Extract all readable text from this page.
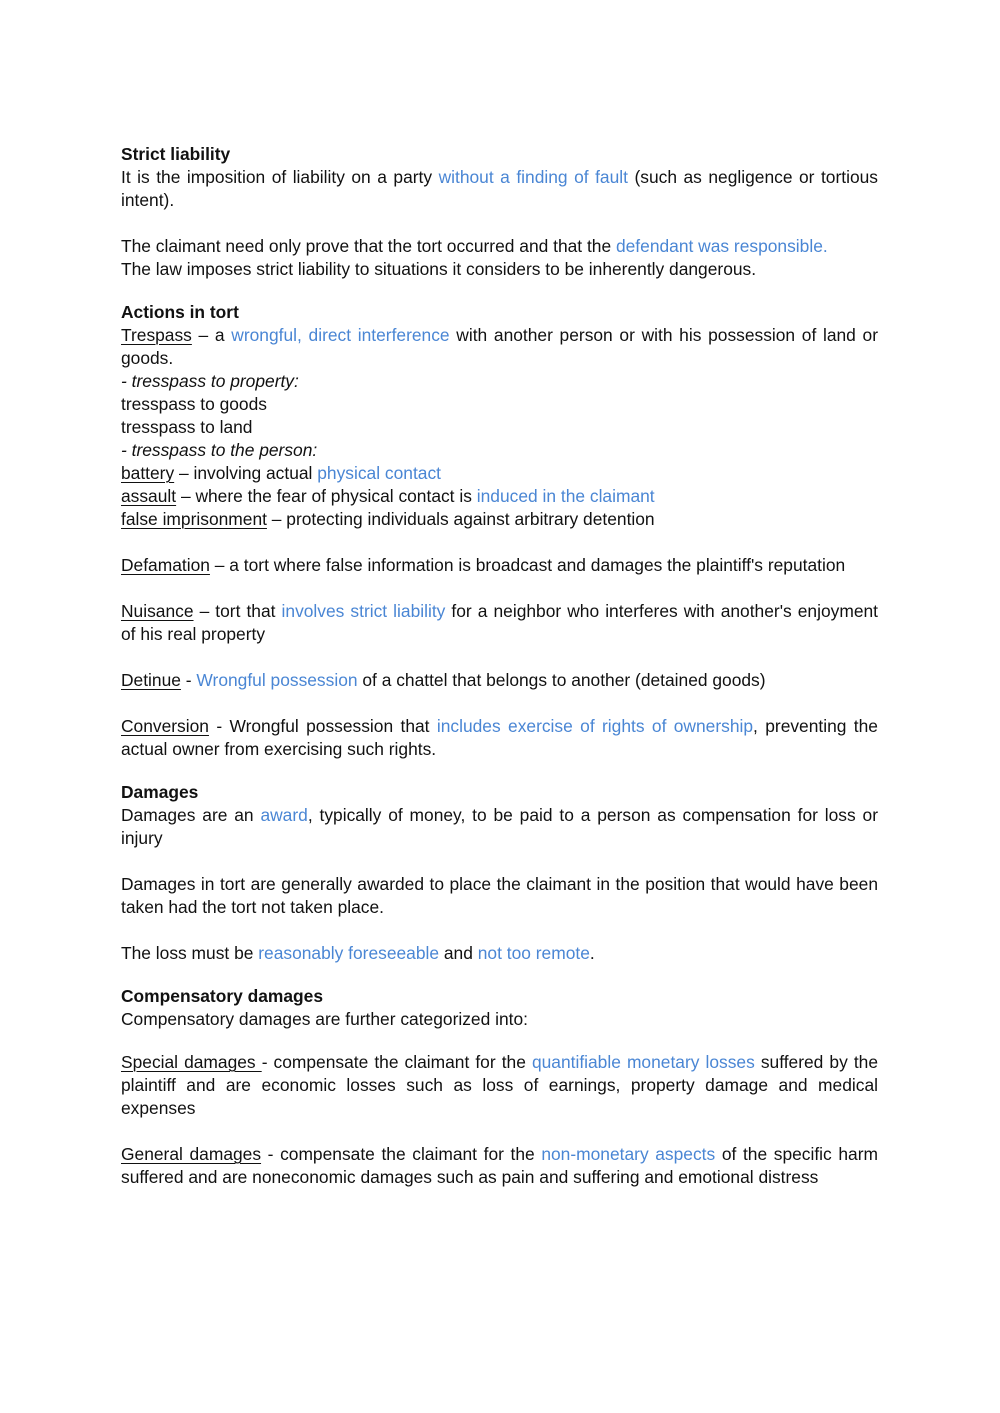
Strict liability

It is the imposition of liability on a party without a finding of fault (such as negligence or tortious intent).

The claimant need only prove that the tort occurred and that the defendant was responsible.

The law imposes strict liability to situations it considers to be inherently dangerous.

Actions in tort

Trespass – a wrongful, direct interference with another person or with his possession of land or goods.

- tresspass to property:

tresspass to goods

tresspass to land

- tresspass to the person:

battery – involving actual physical contact

assault – where the fear of physical contact is induced in the claimant

false imprisonment – protecting individuals against arbitrary detention

Defamation – a tort where false information is broadcast and damages the plaintiff's reputation

Nuisance – tort that involves strict liability for a neighbor who interferes with another's enjoyment of his real property

Detinue - Wrongful possession of a chattel that belongs to another (detained goods)

Conversion - Wrongful possession that includes exercise of rights of ownership, preventing the actual owner from exercising such rights.

Damages

Damages are an award, typically of money, to be paid to a person as compensation for loss or injury

Damages in tort are generally awarded to place the claimant in the position that would have been taken had the tort not taken place.

The loss must be reasonably foreseeable and not too remote.

Compensatory damages

Compensatory damages are further categorized into:

Special damages - compensate the claimant for the quantifiable monetary losses suffered by the plaintiff and are economic losses such as loss of earnings, property damage and medical expenses

General damages - compensate the claimant for the non-monetary aspects of the specific harm suffered and are noneconomic damages such as pain and suffering and emotional distress
